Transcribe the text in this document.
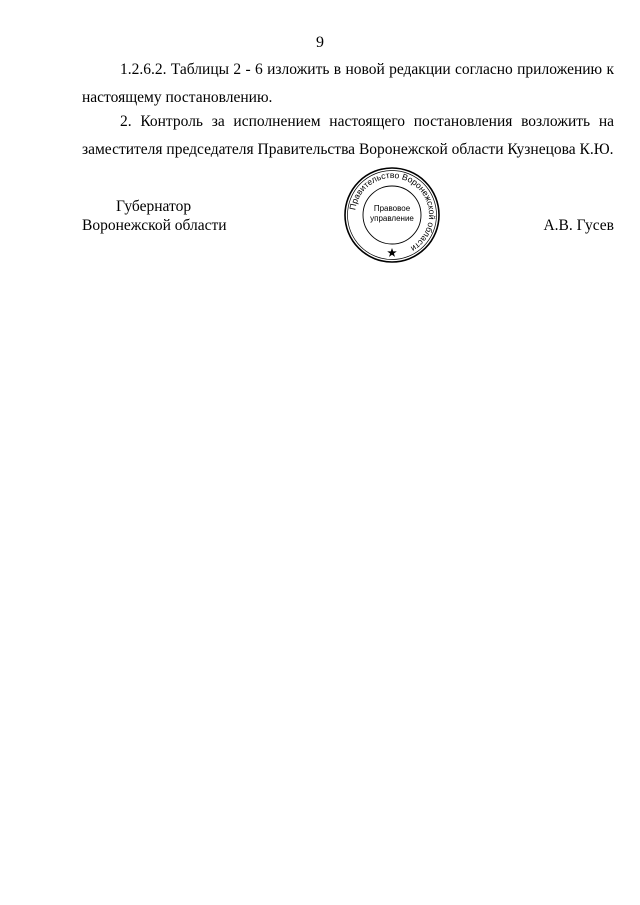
9
1.2.6.2. Таблицы 2 - 6 изложить в новой редакции согласно приложению к
настоящему постановлению.
2. Контроль за исполнением настоящего постановления возложить на
заместителя председателя Правительства Воронежской области Кузнецова К.Ю.
Губернатор
Воронежской области
Правительство Воронежской области
Правовое
управление	А.В. Гусев
